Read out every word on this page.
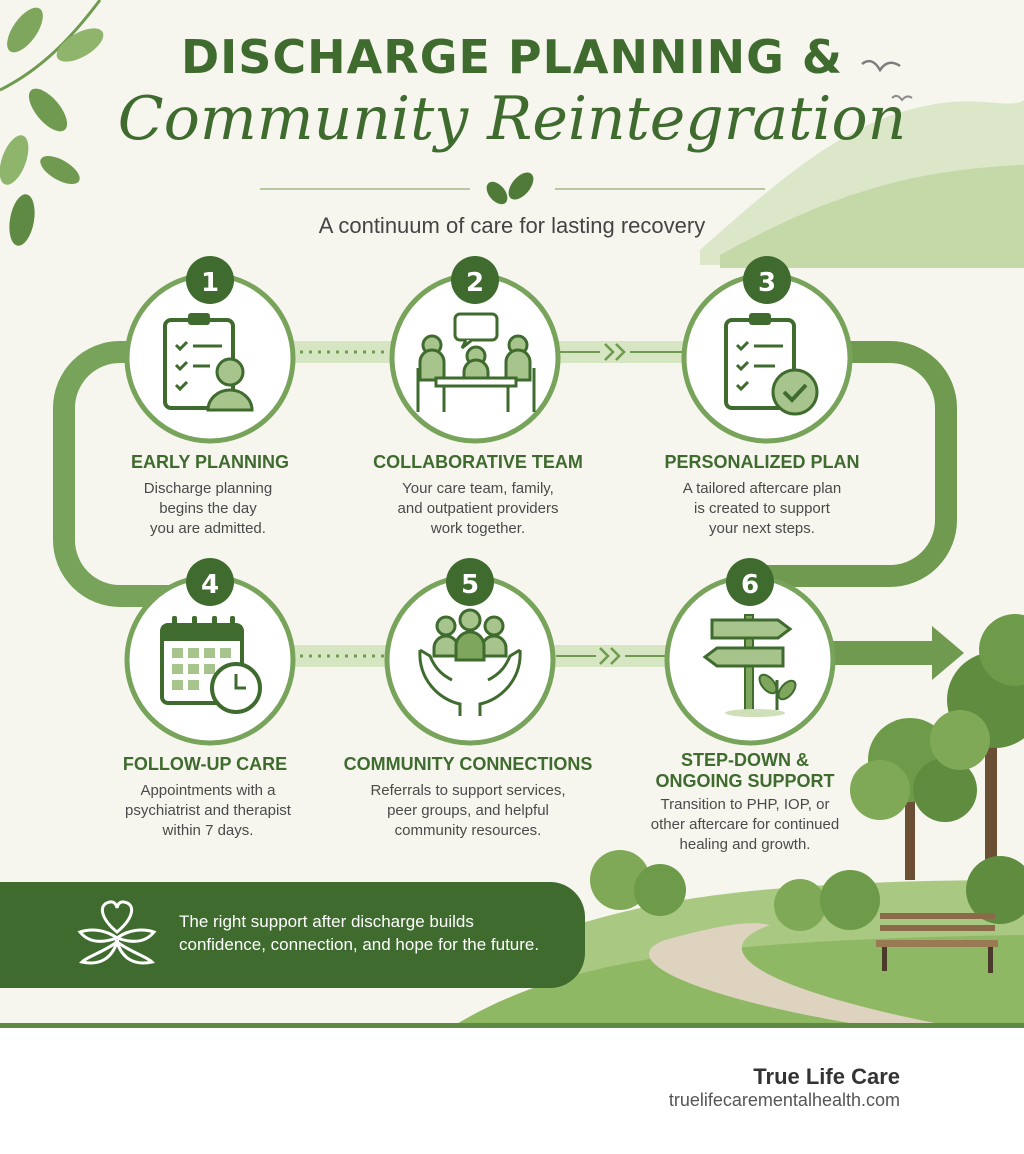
1	2	3
4	5	6
DISCHARGE PLANNING &
Community Reintegration
A continuum of care for lasting recovery
EARLY PLANNING
Discharge planning
begins the day
you are admitted.
COLLABORATIVE TEAM
Your care team, family,
and outpatient providers
work together.
PERSONALIZED PLAN
A tailored aftercare plan
is created to support
your next steps.
FOLLOW-UP CARE
Appointments with a
psychiatrist and therapist
within 7 days.
COMMUNITY CONNECTIONS
Referrals to support services,
peer groups, and helpful
community resources.
STEP-DOWN &
ONGOING SUPPORT
Transition to PHP, IOP, or
other aftercare for continued
healing and growth.
The right support after discharge builds
confidence, connection, and hope for the future.
True Life Care
truelifecarementalhealth.com
